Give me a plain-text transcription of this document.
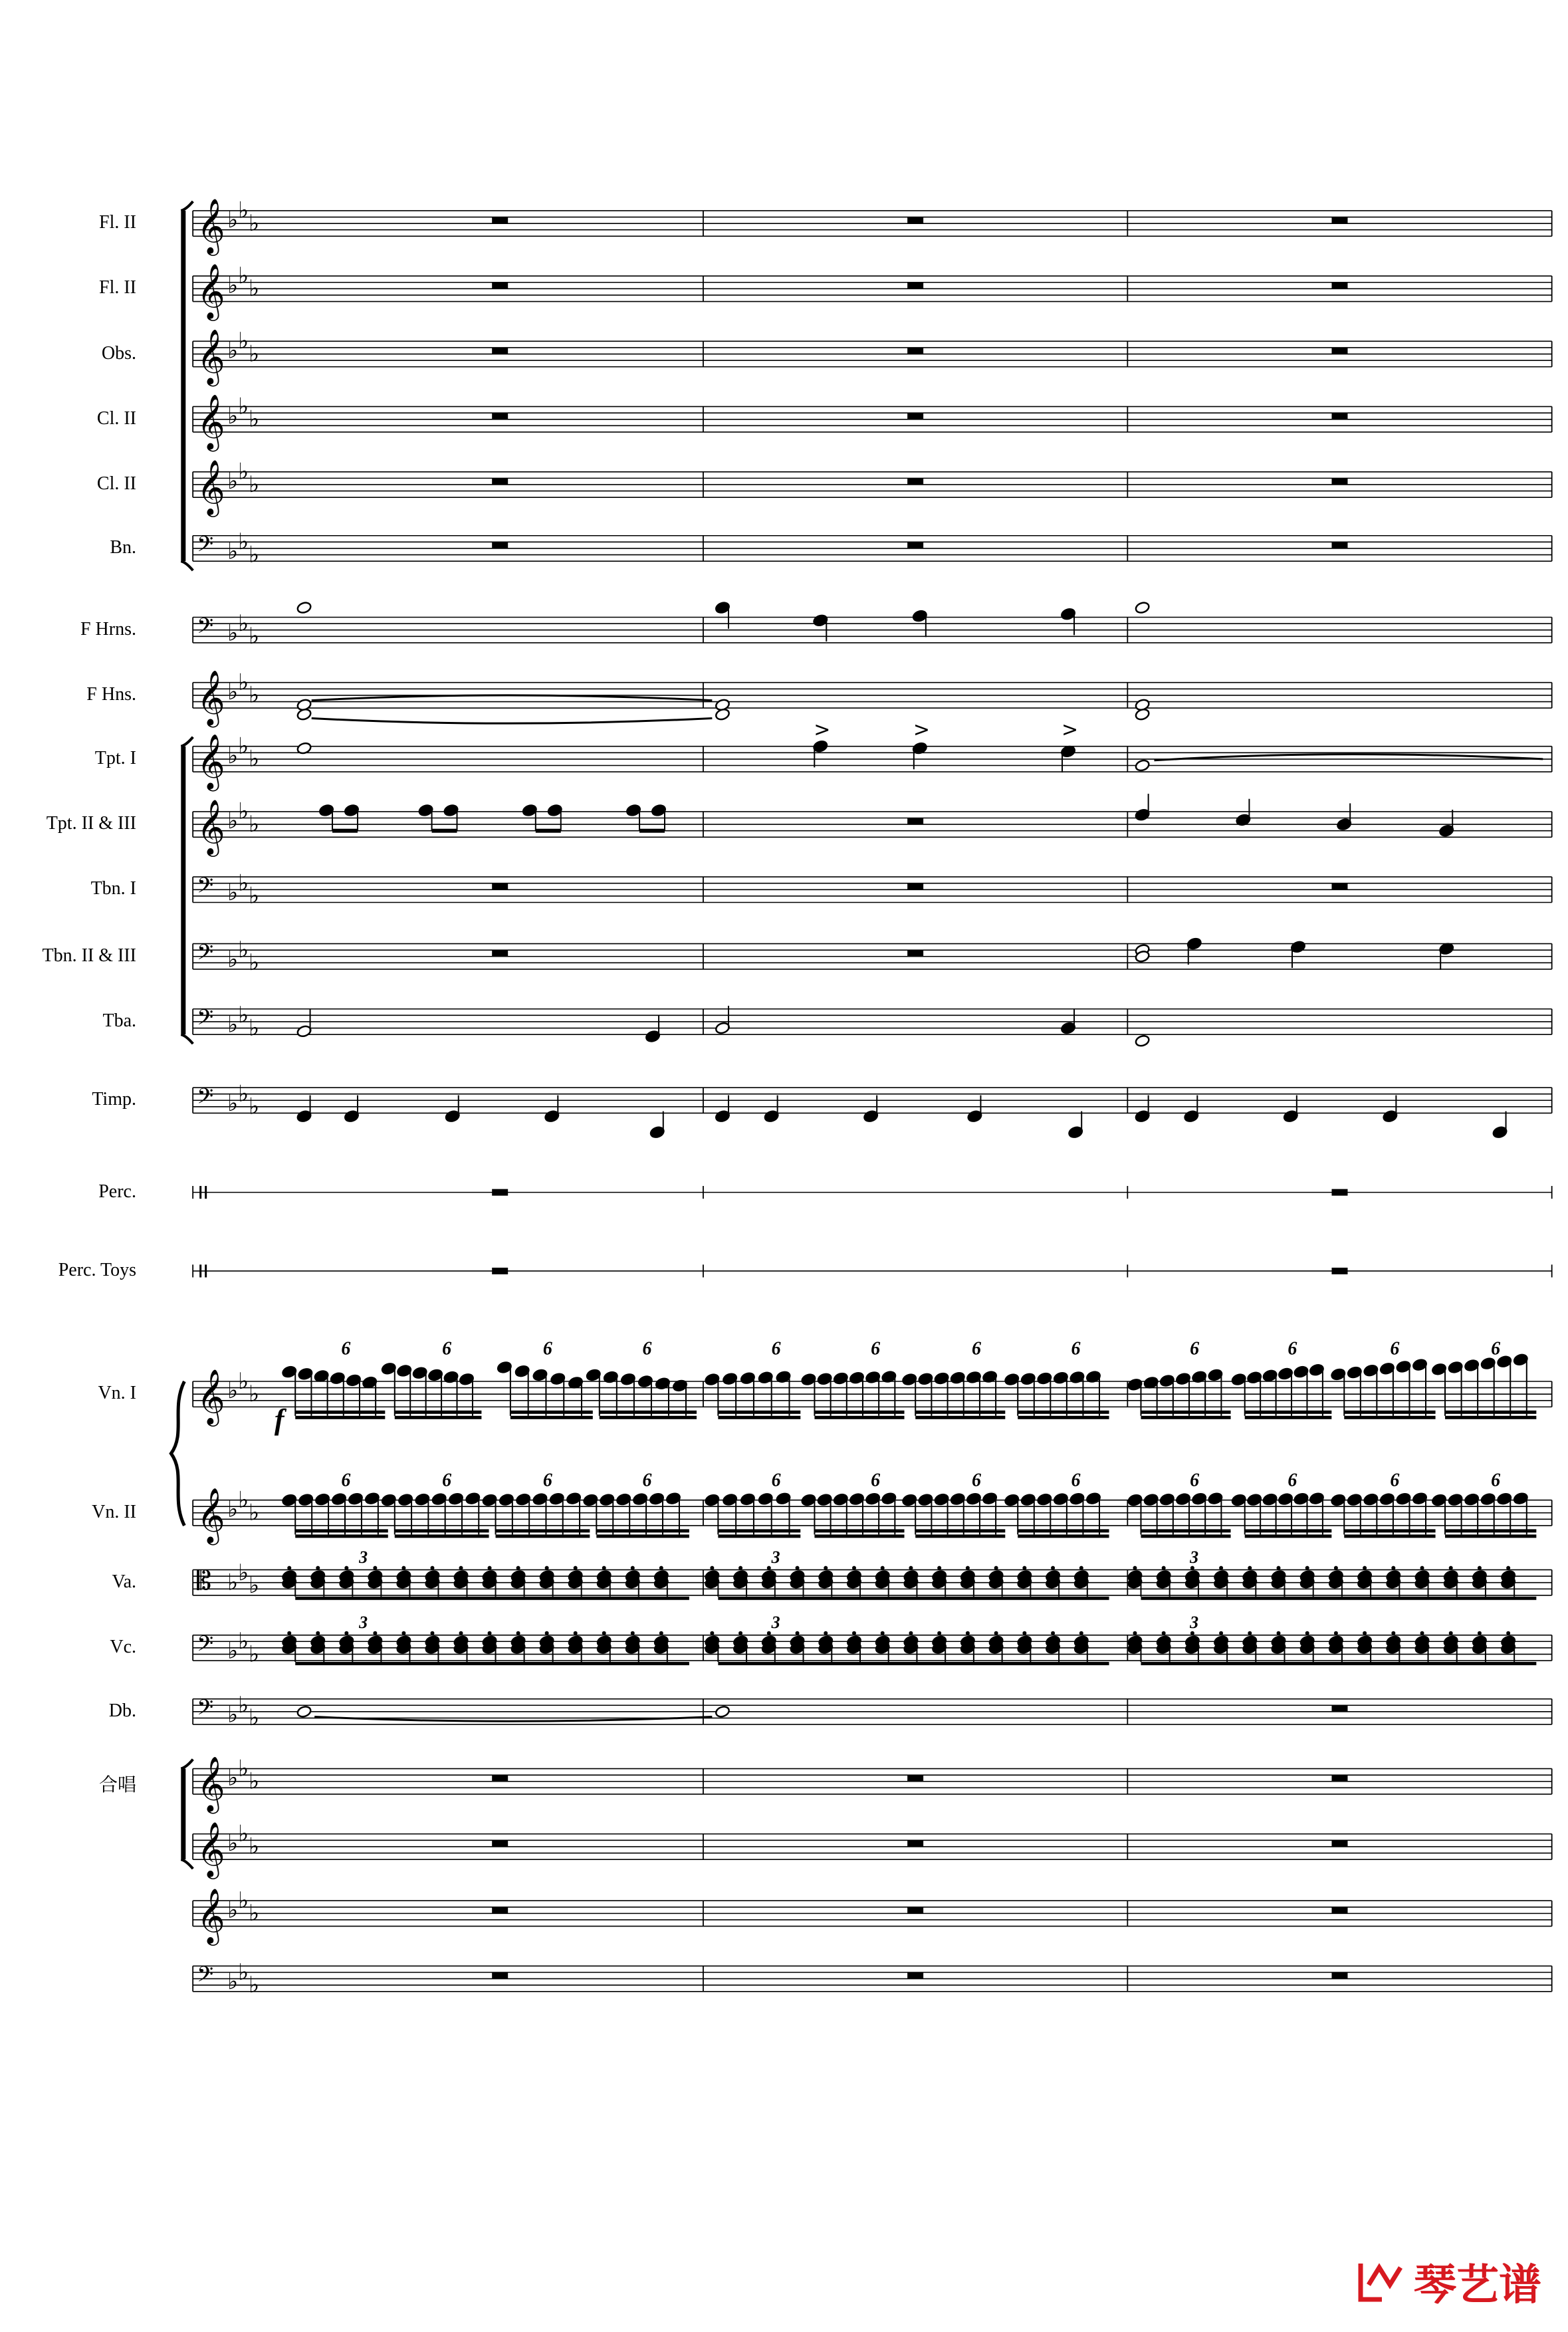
𝄞 ♭ ♭ ♭
𝄞 ♭ ♭ ♭
𝄞 ♭ ♭ ♭
𝄞 ♭ ♭ ♭
𝄞 ♭ ♭ ♭
𝄢 ♭ ♭ ♭
𝄢 ♭ ♭ ♭
𝄞 ♭ ♭ ♭
𝄞 ♭ ♭ ♭
𝄞 ♭ ♭ ♭
𝄢 ♭ ♭ ♭
𝄢 ♭ ♭ ♭
𝄢 ♭ ♭ ♭
𝄢 ♭ ♭ ♭
𝄞 ♭ ♭ ♭
𝄞 ♭ ♭ ♭
𝄡 ♭ ♭ ♭
𝄢 ♭ ♭ ♭
𝄢 ♭ ♭ ♭
𝄞 ♭ ♭ ♭
𝄞 ♭ ♭ ♭
𝄞 ♭ ♭ ♭
𝄢 ♭ ♭ ♭
>	>	>
6
6
6
6
6
6
6
6
6
6
6
6
6
6
6
6
6
6
6
6
6
6
6
6
3
3
3
3
3
3
f
Fl. II
Fl. II
Obs.
Cl. II
Cl. II
Bn.
F Hrns.
F Hns.
Tpt. I
Tpt. II & III
Tbn. I
Tbn. II & III
Tba.
Timp.
Perc.
Perc. Toys
Vn. I
Vn. II
Va.
Vc.
Db.
合唱
琴艺谱
